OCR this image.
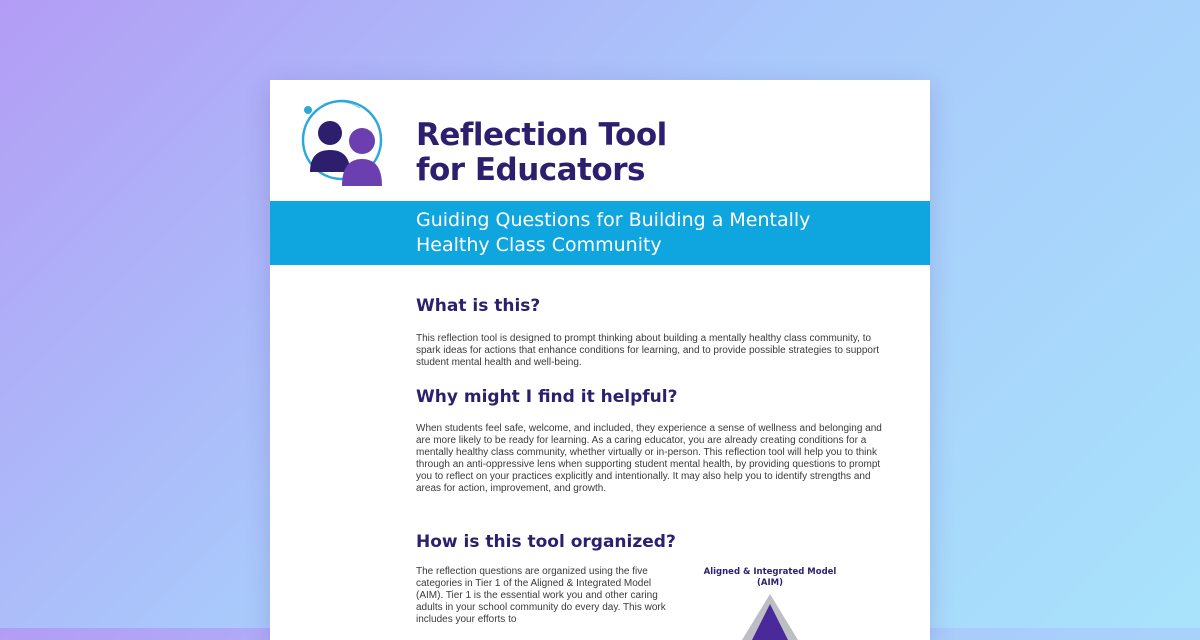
Reflection Tool
for Educators

Guiding Questions for Building a Mentally
Healthy Class Community

What is this?

This reflection tool is designed to prompt thinking about building a mentally healthy class community, to spark ideas for actions that enhance conditions for learning, and to provide possible strategies to support student mental health and well-being.

Why might I find it helpful?

When students feel safe, welcome, and included, they experience a sense of wellness and belonging and are more likely to be ready for learning. As a caring educator, you are already creating conditions for a mentally healthy class community, whether virtually or in-person. This reflection tool will help you to think through an anti-oppressive lens when supporting student mental health, by providing questions to prompt you to reflect on your practices explicitly and intentionally. It may also help you to identify strengths and areas for action, improvement, and growth.

How is this tool organized?

The reflection questions are organized using the five categories in Tier 1 of the Aligned & Integrated Model (AIM). Tier 1 is the essential work you and other caring adults in your school community do every day. This work includes your efforts to

Aligned & Integrated Model
(AIM)
